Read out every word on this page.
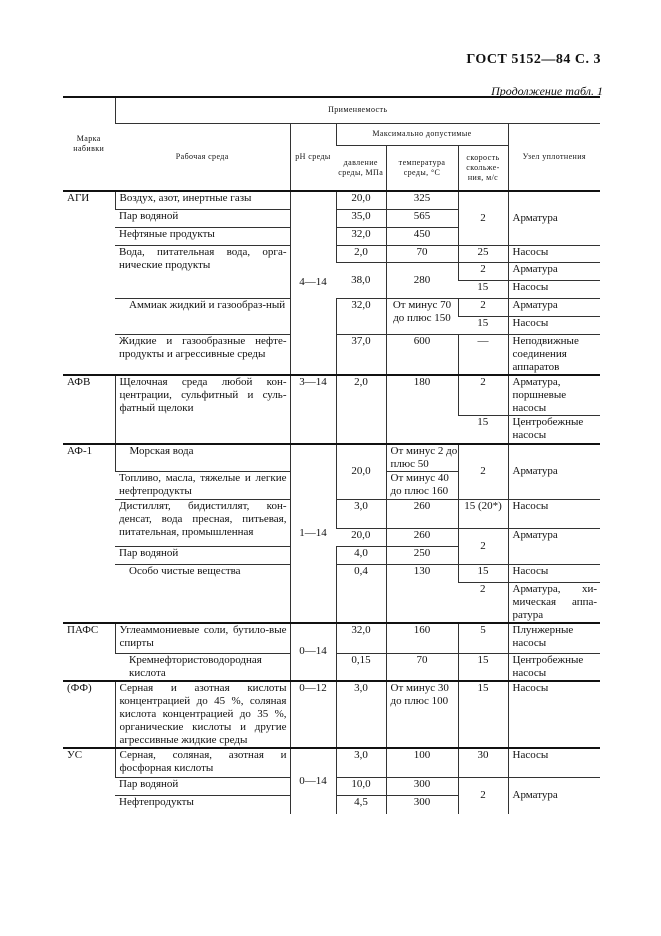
ГОСТ 5152—84 С. 3
Продолжение табл. 1
Марка набивки	Применяемость					
	Рабочая среда	pH среды	Максимально допустимые			Узел уплотнения
			давление среды, МПа	температура среды, °С	скорость скольже-ния, м/с	
АГИ	Воздух, азот, инертные газы	4—14	20,0	325	2	Арматура
	Пар водяной		35,0	565		
	Нефтяные продукты		32,0	450		
	Вода, питательная вода, орга-нические продукты		2,0	70	25	Насосы
			38,0	280	2	Арматура
					15	Насосы
	Аммиак жидкий и газообраз-ный		32,0	От минус 70 до плюс 150	2	Арматура
					15	Насосы
	Жидкие и газообразные нефте-продукты и агрессивные среды		37,0	600	—	Неподвижные соединения аппаратов
АФВ	Щелочная среда любой кон-центрации, сульфитный и суль-фатный щелоки	3—14	2,0	180	2	Арматура, поршневые насосы
					15	Центробежные насосы
АФ-1	Морская вода	1—14	20,0	От минус 2 до плюс 50	2	Арматура
	Топливо, масла, тяжелые и легкие нефтепродукты			От минус 40 до плюс 160		
	Дистиллят, бидистиллят, кон-денсат, вода пресная, питьевая, питательная, промышленная		3,0	260	15 (20*)	Насосы
			20,0	260	2	Арматура
	Пар водяной		4,0	250		
	Особо чистые вещества		0,4	130	15	Насосы
					2	Арматура, хи-мическая аппа-ратура

ПАФС	Углеаммониевые соли, бутило-вые спирты	0—14	32,0	160	5	Плунжерные насосы
	Кремнефтористоводородная кислота		0,15	70	15	Центробежные насосы
(ФФ)	Серная и азотная кислоты концентрацией до 45 %, соляная кислота концентрацией до 35 %, органические кислоты и другие агрессивные жидкие среды	0—12	3,0	От минус 30 до плюс 100	15	Насосы
УС	Серная, соляная, азотная и фосфорная кислоты	0—14	3,0	100	30	Насосы
	Пар водяной		10,0	300	2	Арматура
	Нефтепродукты		4,5	300		
